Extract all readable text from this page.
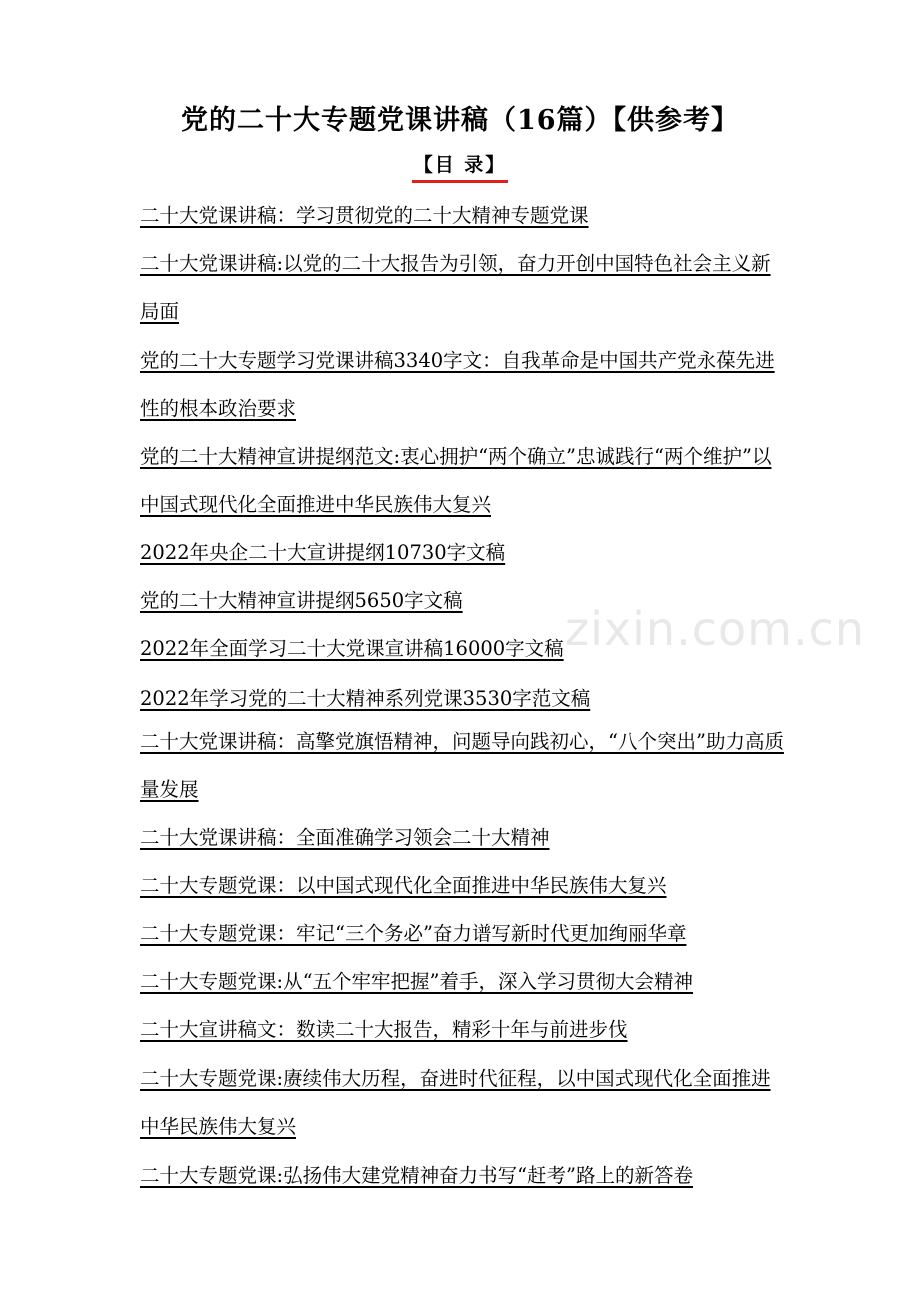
党的二十大专题党课讲稿（16篇）【供参考】
【目 录】
zixin.com.cn
二十大党课讲稿：学习贯彻党的二十大精神专题党课
二十大党课讲稿:以党的二十大报告为引领，奋力开创中国特色社会主义新局面
党的二十大专题学习党课讲稿3340字文：自我革命是中国共产党永葆先进性的根本政治要求
党的二十大精神宣讲提纲范文:衷心拥护“两个确立”忠诚践行“两个维护”以中国式现代化全面推进中华民族伟大复兴
2022年央企二十大宣讲提纲10730字文稿
党的二十大精神宣讲提纲5650字文稿
2022年全面学习二十大党课宣讲稿16000字文稿
2022年学习党的二十大精神系列党课3530字范文稿
二十大党课讲稿：高擎党旗悟精神，问题导向践初心，“八个突出”助力高质量发展
二十大党课讲稿：全面准确学习领会二十大精神
二十大专题党课：以中国式现代化全面推进中华民族伟大复兴
二十大专题党课：牢记“三个务必”奋力谱写新时代更加绚丽华章
二十大专题党课:从“五个牢牢把握”着手，深入学习贯彻大会精神
二十大宣讲稿文：数读二十大报告，精彩十年与前进步伐
二十大专题党课:赓续伟大历程，奋进时代征程，以中国式现代化全面推进中华民族伟大复兴
二十大专题党课:弘扬伟大建党精神奋力书写“赶考”路上的新答卷
